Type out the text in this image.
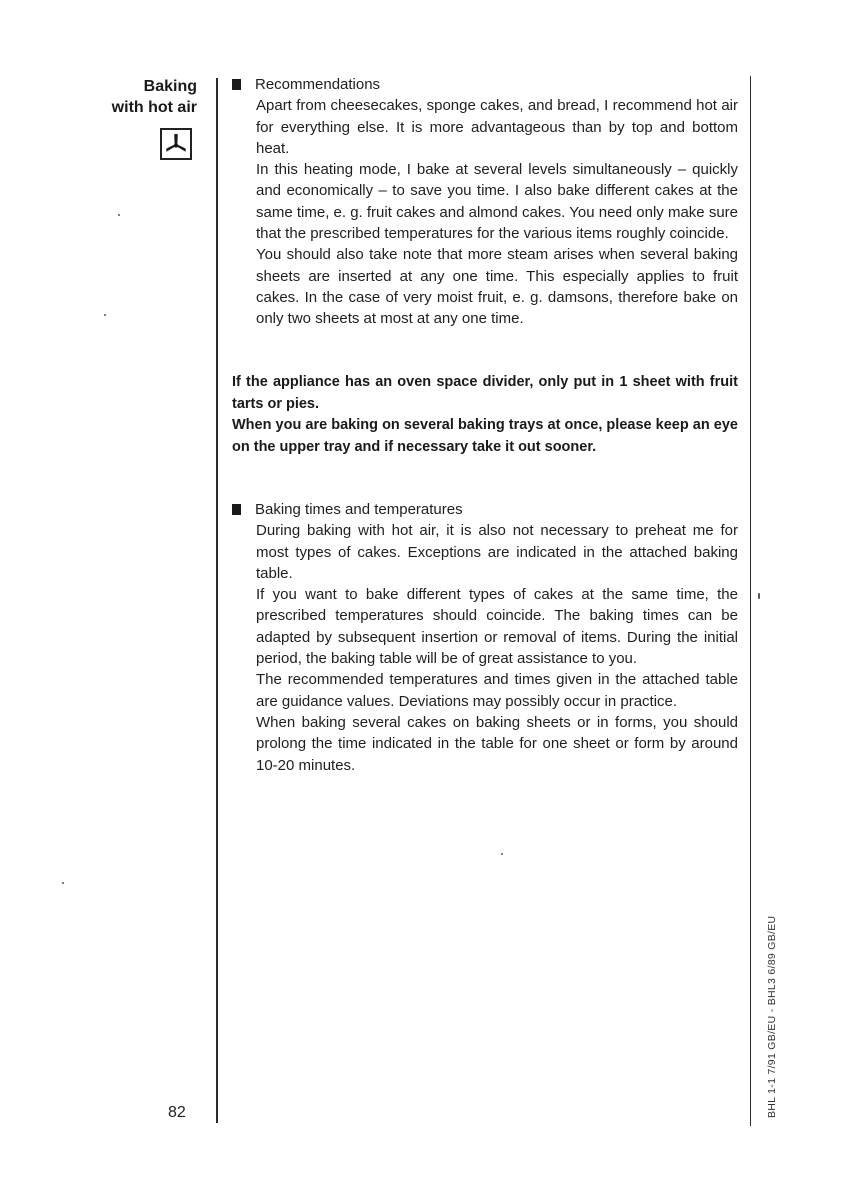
Baking
with hot air
Recommendations

Apart from cheesecakes, sponge cakes, and bread, I recommend hot air for everything else. It is more advantageous than by top and bottom heat.

In this heating mode, I bake at several levels simultaneously – quickly and economically – to save you time. I also bake different cakes at the same time, e. g. fruit cakes and almond cakes. You need only make sure that the prescribed temperatures for the various items roughly coincide.

You should also take note that more steam arises when several baking sheets are inserted at any one time. This especially applies to fruit cakes. In the case of very moist fruit, e. g. damsons, therefore bake on only two sheets at most at any one time.

If the appliance has an oven space divider, only put in 1 sheet with fruit tarts or pies.

When you are baking on several baking trays at once, please keep an eye on the upper tray and if necessary take it out sooner.

Baking times and temperatures

During baking with hot air, it is also not necessary to preheat me for most types of cakes. Exceptions are indicated in the attached baking table.

If you want to bake different types of cakes at the same time, the prescribed temperatures should coincide. The baking times can be adapted by subsequent insertion or removal of items. During the initial period, the baking table will be of great assistance to you.

The recommended temperatures and times given in the attached table are guidance values. Deviations may possibly occur in practice.

When baking several cakes on baking sheets or in forms, you should prolong the time indicated in the table for one sheet or form by around 10-20 minutes.

82	BHL 1-1 7/91 GB/EU - BHL3 6/89 GB/EU
